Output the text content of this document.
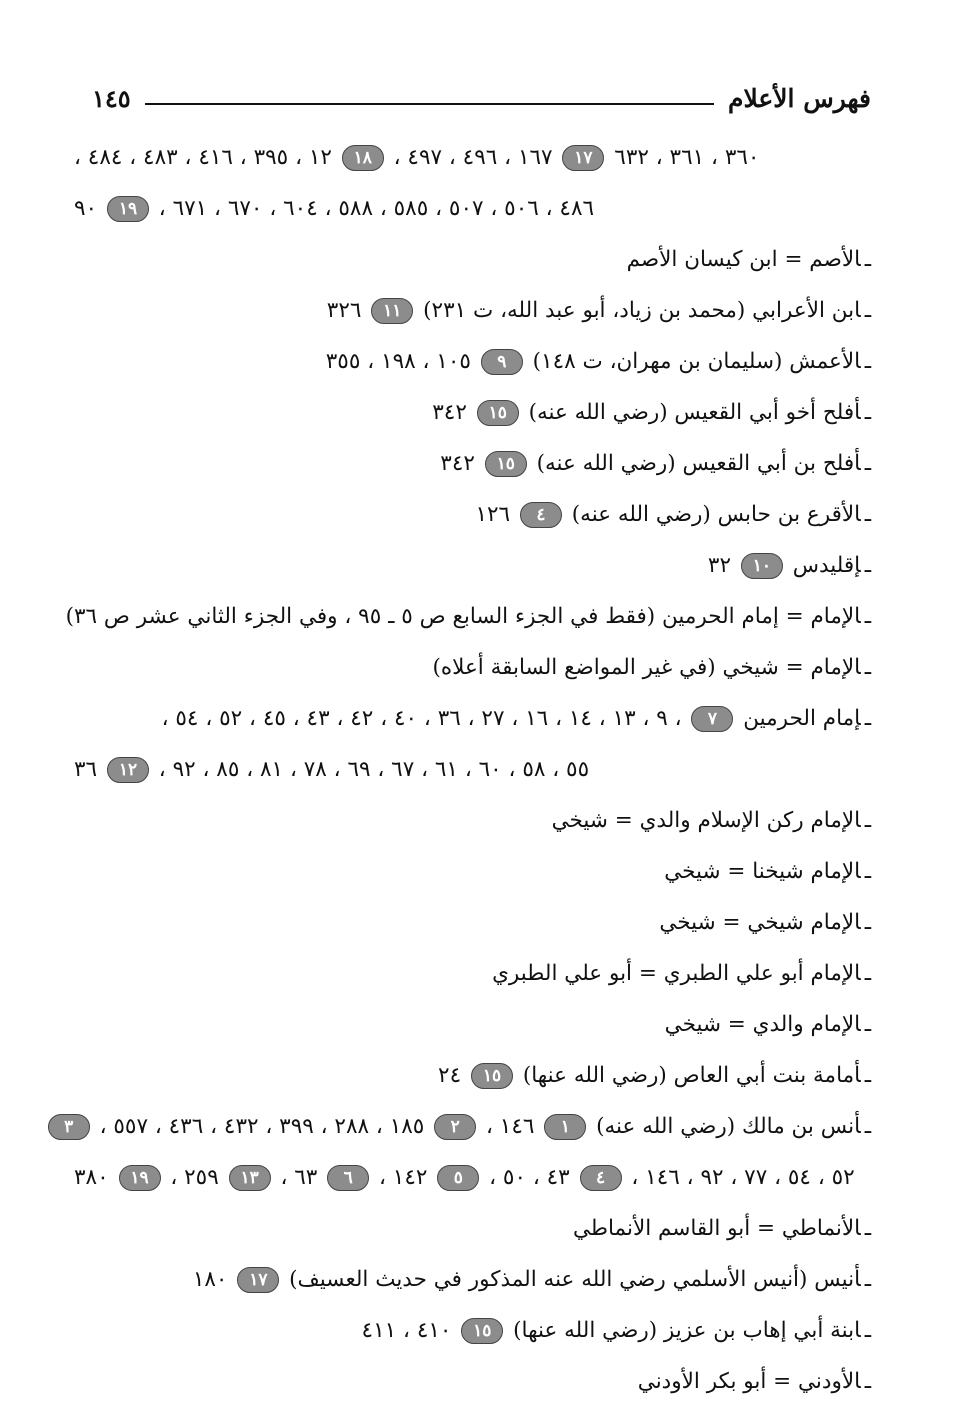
فهرس الأعلام
١٤٥
٣٦٠ ، ٣٦١ ، ٦٣٢ ١٧ ١٦٧ ، ٤٩٦ ، ٤٩٧ ، ١٨ ١٢ ، ٣٩٥ ، ٤١٦ ، ٤٨٣ ، ٤٨٤ ،
٤٨٦ ، ٥٠٦ ، ٥٠٧ ، ٥٨٥ ، ٥٨٨ ، ٦٠٤ ، ٦٧٠ ، ٦٧١ ، ١٩ ٩٠
ـالأصم = ابن كيسان الأصم
ـابن الأعرابي (محمد بن زياد، أبو عبد الله، ت ٢٣١) ١١ ٣٢٦
ـالأعمش (سليمان بن مهران، ت ١٤٨) ٩ ١٠٥ ، ١٩٨ ، ٣٥٥
ـأفلح أخو أبي القعيس (رضي الله عنه) ١٥ ٣٤٢
ـأفلح بن أبي القعيس (رضي الله عنه) ١٥ ٣٤٢
ـالأقرع بن حابس (رضي الله عنه) ٤ ١٢٦
ـإقليدس ١٠ ٣٢
ـالإمام = إمام الحرمين (فقط في الجزء السابع ص ٥ ـ ٩٥ ، وفي الجزء الثاني عشر ص ٣٦)
ـالإمام = شيخي (في غير المواضع السابقة أعلاه)
ـإمام الحرمين ٧ ، ٩ ، ١٣ ، ١٤ ، ١٦ ، ٢٧ ، ٣٦ ، ٤٠ ، ٤٢ ، ٤٣ ، ٤٥ ، ٥٢ ، ٥٤ ،
٥٥ ، ٥٨ ، ٦٠ ، ٦١ ، ٦٧ ، ٦٩ ، ٧٨ ، ٨١ ، ٨٥ ، ٩٢ ، ١٢ ٣٦
ـالإمام ركن الإسلام والدي = شيخي
ـالإمام شيخنا = شيخي
ـالإمام شيخي = شيخي
ـالإمام أبو علي الطبري = أبو علي الطبري
ـالإمام والدي = شيخي
ـأمامة بنت أبي العاص (رضي الله عنها) ١٥ ٢٤
ـأنس بن مالك (رضي الله عنه) ١ ١٤٦ ، ٢ ١٨٥ ، ٢٨٨ ، ٣٩٩ ، ٤٣٢ ، ٤٣٦ ، ٥٥٧ ، ٣
٥٢ ، ٥٤ ، ٧٧ ، ٩٢ ، ١٤٦ ، ٤ ٤٣ ، ٥٠ ، ٥ ١٤٢ ، ٦ ٦٣ ، ١٣ ٢٥٩ ، ١٩ ٣٨٠
ـالأنماطي = أبو القاسم الأنماطي
ـأنيس (أنيس الأسلمي رضي الله عنه المذكور في حديث العسيف) ١٧ ١٨٠
ـابنة أبي إهاب بن عزيز (رضي الله عنها) ١٥ ٤١٠ ، ٤١١
ـالأودني = أبو بكر الأودني
